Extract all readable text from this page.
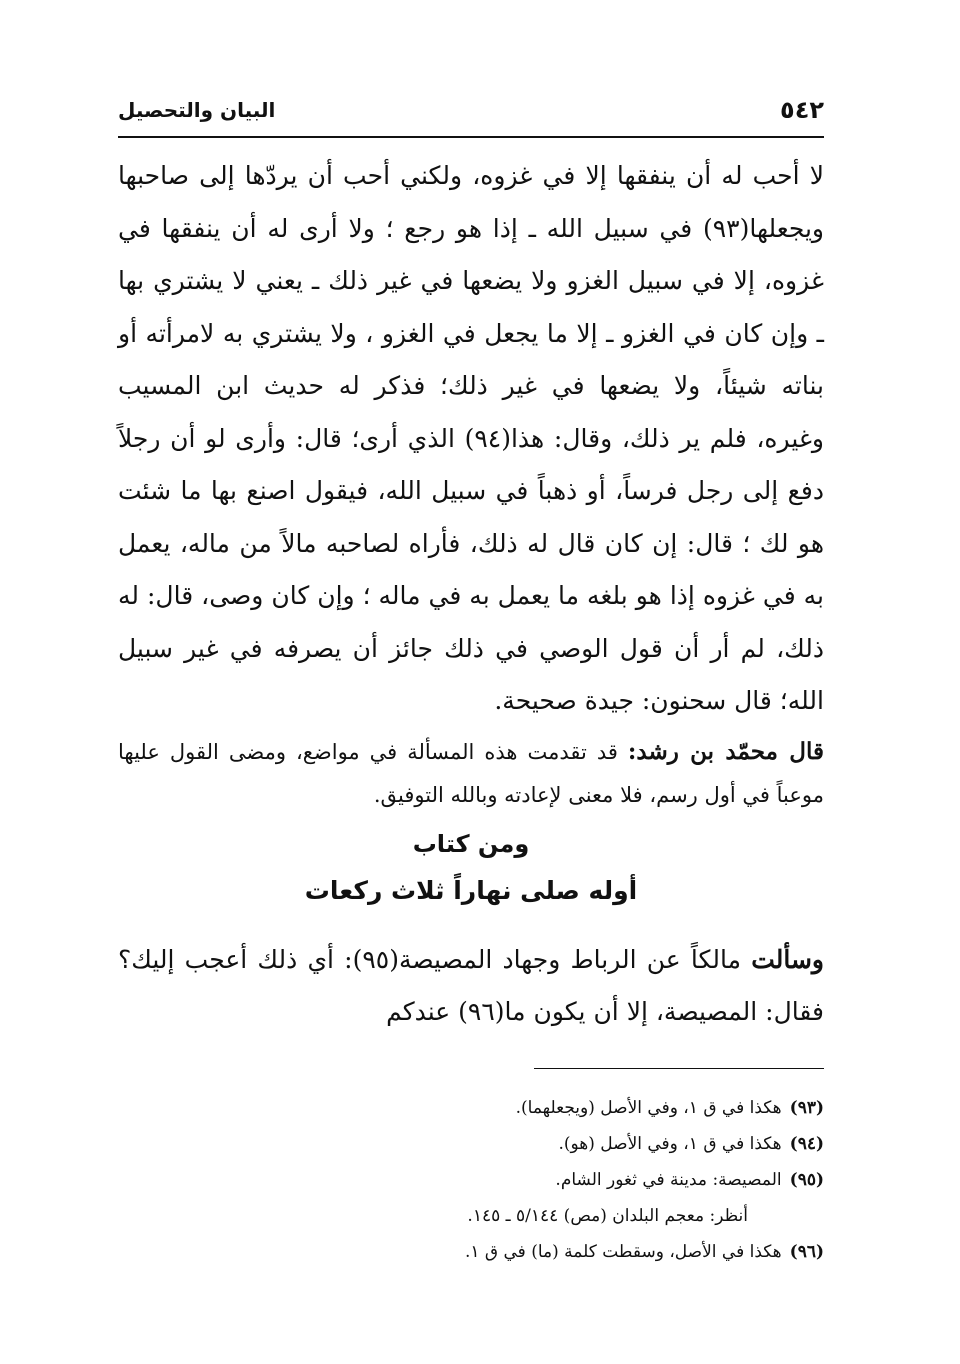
٥٤٢
البيان والتحصيل
لا أحب له أن ينفقها إلا في غزوه، ولكني أحب أن يردّها إلى صاحبها ويجعلها(٩٣) في سبيل الله ـ إذا هو رجع ؛ ولا أرى له أن ينفقها في غزوه، إلا في سبيل الغزو ولا يضعها في غير ذلك ـ يعني لا يشتري بها ـ وإن كان في الغزو ـ إلا ما يجعل في الغزو ، ولا يشتري به لامرأته أو بناته شيئاً، ولا يضعها في غير ذلك؛ فذكر له حديث ابن المسيب وغيره، فلم ير ذلك، وقال: هذا(٩٤) الذي أرى؛ قال: وأرى لو أن رجلاً دفع إلى رجل فرساً، أو ذهباً في سبيل الله، فيقول اصنع بها ما شئت هو لك ؛ قال: إن كان قال له ذلك، فأراه لصاحبه مالاً من ماله، يعمل به في غزوه إذا هو بلغه ما يعمل به في ماله ؛ وإن كان وصى، قال: له ذلك، لم أر أن قول الوصي في ذلك جائز أن يصرفه في غير سبيل الله؛ قال سحنون: جيدة صحيحة.
قال محمّد بن رشد: قد تقدمت هذه المسألة في مواضع، ومضى القول عليها موعباً في أول رسم، فلا معنى لإعادته وبالله التوفيق.
ومن كتاب
أوله صلى نهاراً ثلاث ركعات
وسألت مالكاً عن الرباط وجهاد المصيصة(٩٥): أي ذلك أعجب إليك؟ فقال: المصيصة، إلا أن يكون ما(٩٦) عندكم
(٩٣)هكذا في ق ١، وفي الأصل (ويجعلهما).
(٩٤)هكذا في ق ١، وفي الأصل (هو).
(٩٥)المصيصة: مدينة في ثغور الشام.
أنظر: معجم البلدان (مص) ٥/١٤٤ ـ ١٤٥.
(٩٦)هكذا في الأصل، وسقطت كلمة (ما) في ق ١.
